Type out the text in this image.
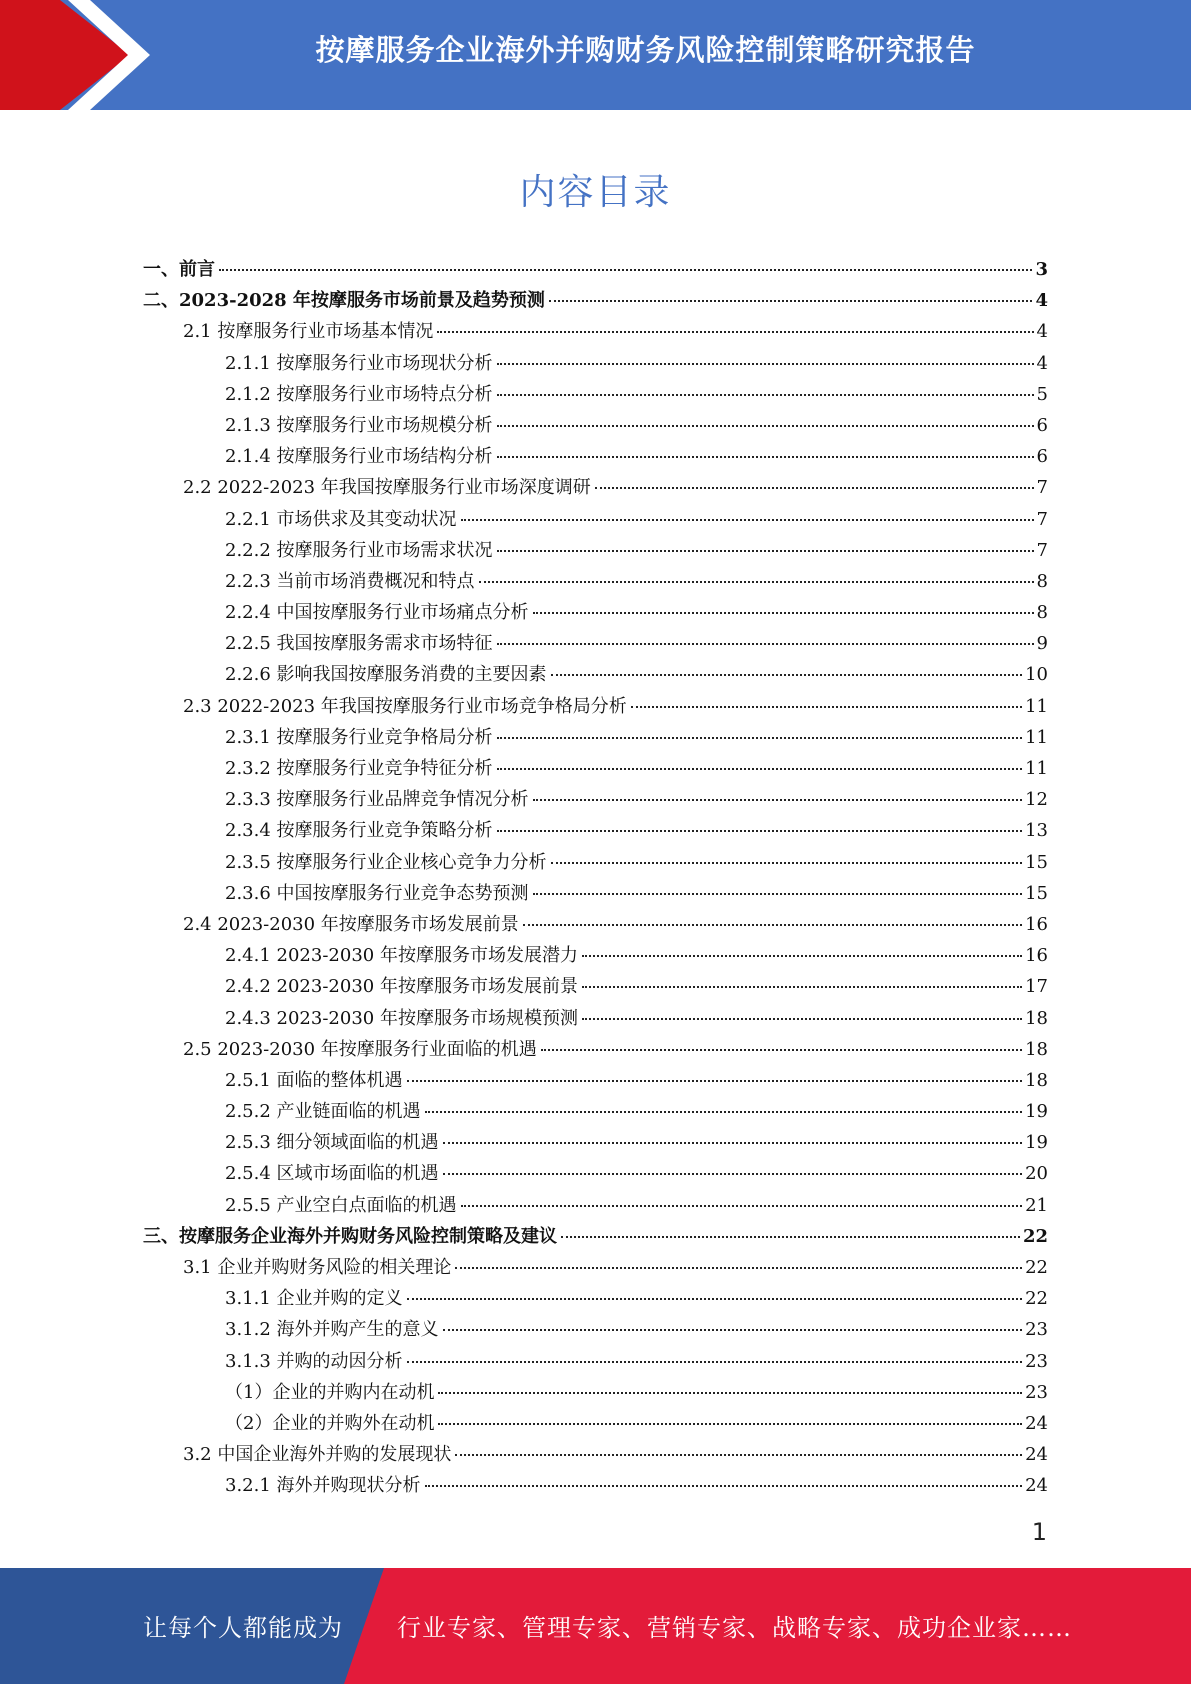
按摩服务企业海外并购财务风险控制策略研究报告
内容目录
一、前言	3
二、2023-2028 年按摩服务市场前景及趋势预测	4
2.1 按摩服务行业市场基本情况	4
2.1.1 按摩服务行业市场现状分析	4
2.1.2 按摩服务行业市场特点分析	5
2.1.3 按摩服务行业市场规模分析	6
2.1.4 按摩服务行业市场结构分析	6
2.2 2022-2023 年我国按摩服务行业市场深度调研	7
2.2.1 市场供求及其变动状况	7
2.2.2 按摩服务行业市场需求状况	7
2.2.3 当前市场消费概况和特点	8
2.2.4 中国按摩服务行业市场痛点分析	8
2.2.5 我国按摩服务需求市场特征	9
2.2.6 影响我国按摩服务消费的主要因素	10
2.3 2022-2023 年我国按摩服务行业市场竞争格局分析	11
2.3.1 按摩服务行业竞争格局分析	11
2.3.2 按摩服务行业竞争特征分析	11
2.3.3 按摩服务行业品牌竞争情况分析	12
2.3.4 按摩服务行业竞争策略分析	13
2.3.5 按摩服务行业企业核心竞争力分析	15
2.3.6 中国按摩服务行业竞争态势预测	15
2.4 2023-2030 年按摩服务市场发展前景	16
2.4.1 2023-2030 年按摩服务市场发展潜力	16
2.4.2 2023-2030 年按摩服务市场发展前景	17
2.4.3 2023-2030 年按摩服务市场规模预测	18
2.5 2023-2030 年按摩服务行业面临的机遇	18
2.5.1 面临的整体机遇	18
2.5.2 产业链面临的机遇	19
2.5.3 细分领域面临的机遇	19
2.5.4 区域市场面临的机遇	20
2.5.5 产业空白点面临的机遇	21
三、按摩服务企业海外并购财务风险控制策略及建议	22
3.1 企业并购财务风险的相关理论	22
3.1.1 企业并购的定义	22
3.1.2 海外并购产生的意义	23
3.1.3 并购的动因分析	23
（1）企业的并购内在动机	23
（2）企业的并购外在动机	24
3.2 中国企业海外并购的发展现状	24
3.2.1 海外并购现状分析	24
1
让每个人都能成为 行业专家、管理专家、营销专家、战略专家、成功企业家……
